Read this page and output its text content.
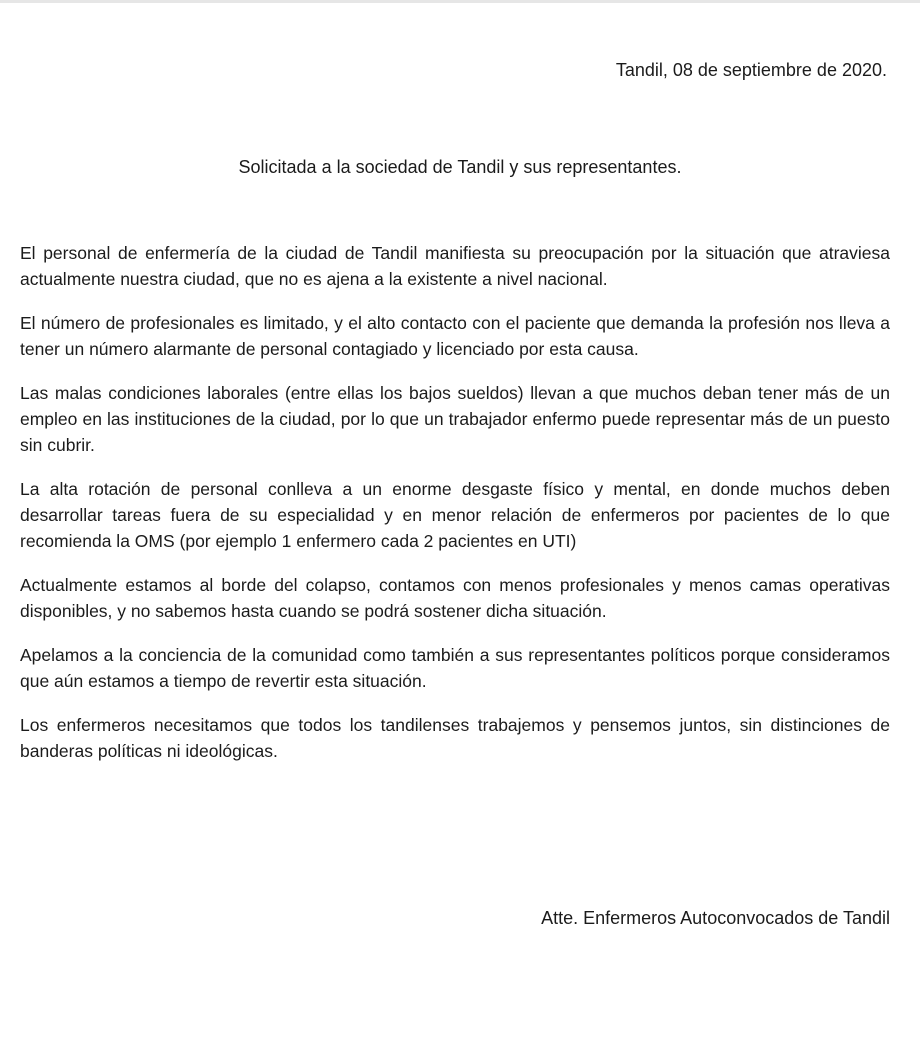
Tandil, 08 de septiembre de 2020.
Solicitada a la sociedad de Tandil y sus representantes.

El personal de enfermería de la ciudad de Tandil manifiesta su preocupación por la situación que atraviesa actualmente nuestra ciudad, que no es ajena a la existente a nivel nacional.

El número de profesionales es limitado, y el alto contacto con el paciente que demanda la profesión nos lleva a tener un número alarmante de personal contagiado y licenciado por esta causa.

Las malas condiciones laborales (entre ellas los bajos sueldos) llevan a que muchos deban tener más de un empleo en las instituciones de la ciudad, por lo que un trabajador enfermo puede representar más de un puesto sin cubrir.

La alta rotación de personal conlleva a un enorme desgaste físico y mental, en donde muchos deben desarrollar tareas fuera de su especialidad y en menor relación de enfermeros por pacientes de lo que recomienda la OMS (por ejemplo 1 enfermero cada 2 pacientes en UTI)

Actualmente estamos al borde del colapso, contamos con menos profesionales y menos camas operativas disponibles, y no sabemos hasta cuando se podrá sostener dicha situación.

Apelamos a la conciencia de la comunidad como también a sus representantes políticos porque consideramos que aún estamos a tiempo de revertir esta situación.

Los enfermeros necesitamos que todos los tandilenses trabajemos y pensemos juntos, sin distinciones de banderas políticas ni ideológicas.

Atte. Enfermeros Autoconvocados de Tandil
